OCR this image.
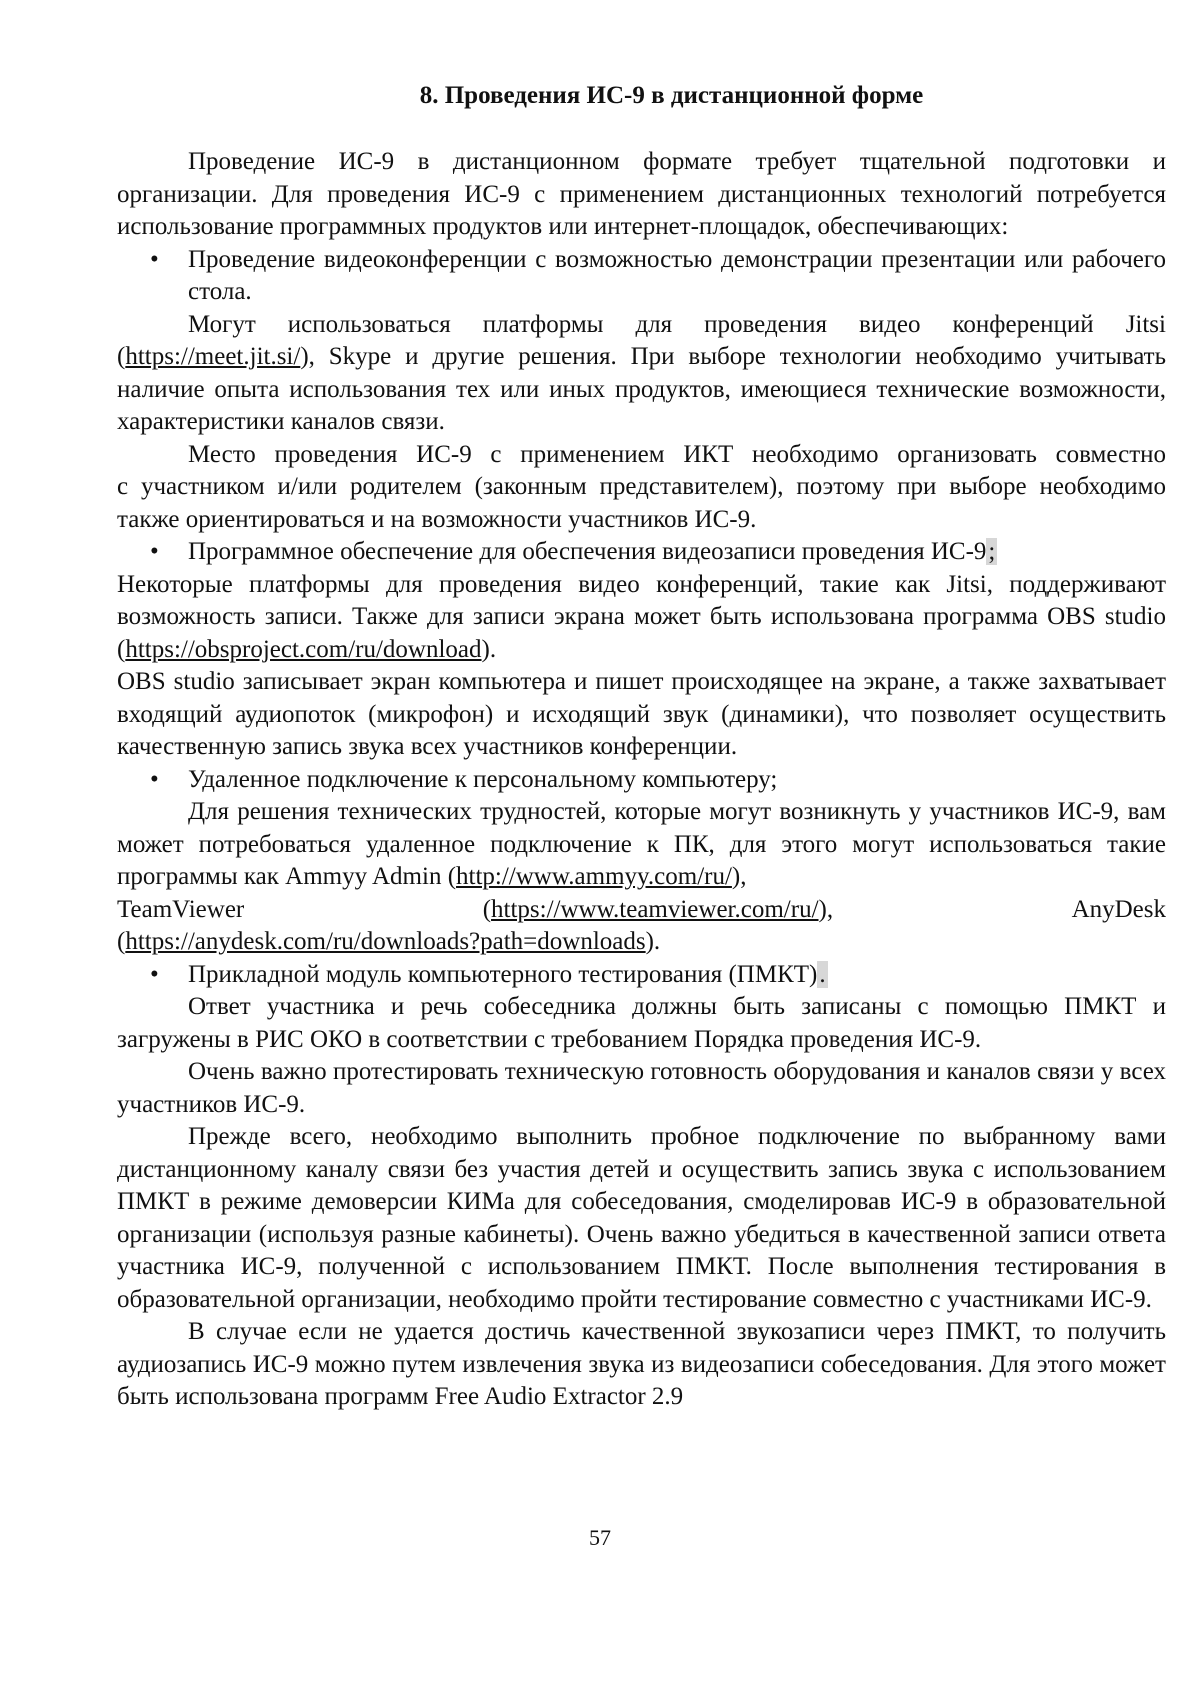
8. Проведения ИС-9 в дистанционной форме

Проведение ИС-9 в дистанционном формате требует тщательной подготовки и организации. Для проведения ИС-9 с применением дистанционных технологий потребуется использование программных продуктов или интернет-площадок, обеспечивающих:

• Проведение видеоконференции с возможностью демонстрации презентации или рабочего стола.

Могут использоваться платформы для проведения видео конференций Jitsi (https://meet.jit.si/), Skype и другие решения. При выборе технологии необходимо учитывать наличие опыта использования тех или иных продуктов, имеющиеся технические возможности, характеристики каналов связи.

Место проведения ИС-9 с применением ИКТ необходимо организовать совместно

с участником и/или родителем (законным представителем), поэтому при выборе необходимо также ориентироваться и на возможности участников ИС-9.

• Программное обеспечение для обеспечения видеозаписи проведения ИС-9;

Некоторые платформы для проведения видео конференций, такие как Jitsi, поддерживают возможность записи. Также для записи экрана может быть использована программа OBS studio (https://obsproject.com/ru/download).

OBS studio записывает экран компьютера и пишет происходящее на экране, а также захватывает входящий аудиопоток (микрофон) и исходящий звук (динамики), что позволяет осуществить качественную запись звука всех участников конференции.

• Удаленное подключение к персональному компьютеру;

Для решения технических трудностей, которые могут возникнуть у участников ИС-9, вам может потребоваться удаленное подключение к ПК, для этого могут использоваться такие программы как Ammyy Admin (http://www.ammyy.com/ru/),

TeamViewer	(https://www.teamviewer.com/ru/),	AnyDesk

(https://anydesk.com/ru/downloads?path=downloads).

• Прикладной модуль компьютерного тестирования (ПМКТ).

Ответ участника и речь собеседника должны быть записаны с помощью ПМКТ и загружены в РИС ОКО в соответствии с требованием Порядка проведения ИС-9.

Очень важно протестировать техническую готовность оборудования и каналов связи у всех участников ИС-9.

Прежде всего, необходимо выполнить пробное подключение по выбранному вами дистанционному каналу связи без участия детей и осуществить запись звука с использованием ПМКТ в режиме демоверсии КИМа для собеседования, смоделировав ИС-9 в образовательной организации (используя разные кабинеты). Очень важно убедиться в качественной записи ответа участника ИС-9, полученной с использованием ПМКТ. После выполнения тестирования в образовательной организации, необходимо пройти тестирование совместно с участниками ИС-9.

В случае если не удается достичь качественной звукозаписи через ПМКТ, то получить аудиозапись ИС-9 можно путем извлечения звука из видеозаписи собеседования. Для этого может быть использована программ Free Audio Extractor 2.9

57
